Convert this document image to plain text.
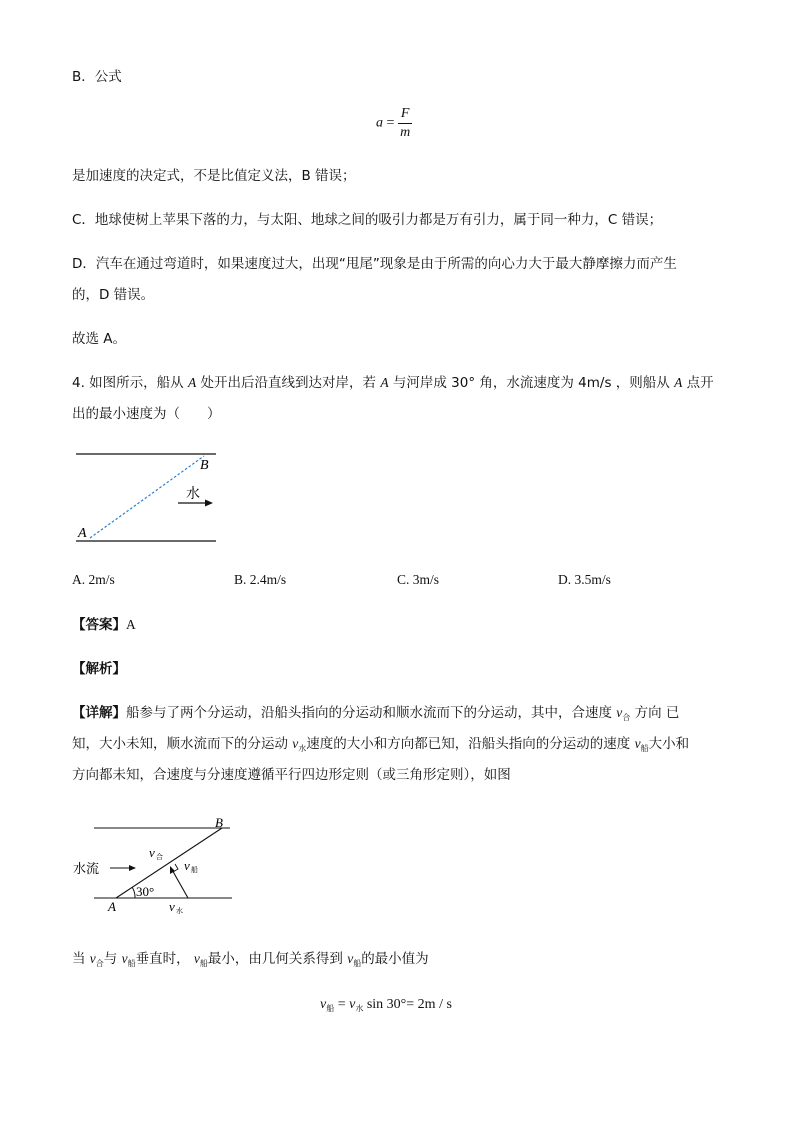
B．公式
$a = \frac{F}{m}$
是加速度的决定式，不是比值定义法，B 错误；
C．地球使树上苹果下落的力，与太阳、地球之间的吸引力都是万有引力，属于同一种力，C 错误；
D．汽车在通过弯道时，如果速度过大，出现“甩尾”现象是由于所需的向心力大于最大静摩擦力而产生
的，D 错误。
故选 A。
4. 如图所示，船从 A 处开出后沿直线到达对岸，若 A 与河岸成 30° 角，水流速度为 4m/s ，则船从 A 点开
出的最小速度为（　　）
B
A
水
A. 2m/s	B. 2.4m/s	C. 3m/s	D. 3.5m/s
【答案】A
【解析】
【详解】船参与了两个分运动，沿船头指向的分运动和顺水流而下的分运动，其中，合速度 $v_合$ 方向 已
知，大小未知，顺水流而下的分运动 $v_水$速度的大小和方向都已知，沿船头指向的分运动的速度 $v_船$大小和
方向都未知，合速度与分速度遵循平行四边形定则（或三角形定则），如图
B
A
水流
30°
v 合
v 船
v 水
当 $v_合$与 $v_船$垂直时， $v_船$最小，由几何关系得到 $v_船$的最小值为
$v_船 = v_水$ sin 30°= 2m / s
